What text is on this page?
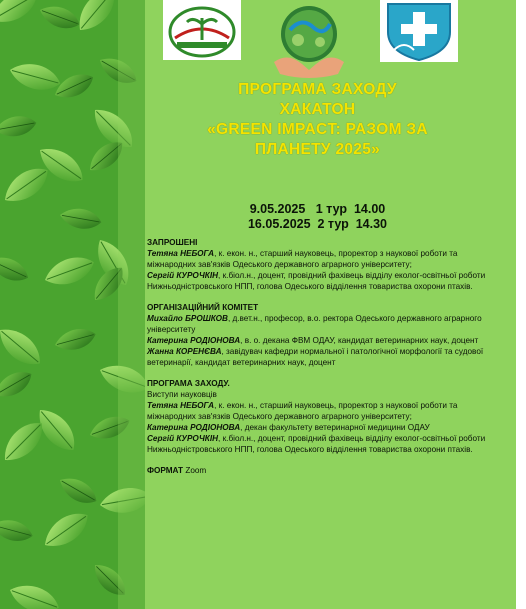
ПРОГРАМА ЗАХОДУ
ХАКАТОН
«GREEN IMPACT: РАЗОМ ЗА
ПЛАНЕТУ 2025»
9.05.2025   1 тур  14.00
16.05.2025  2 тур  14.30

ЗАПРОШЕНІ

Тетяна НЕБОГА, к. екон. н., старший науковець, проректор з наукової роботи та міжнародних зав'язків Одеського державного аграрного університету;

Сергій КУРОЧКІН, к.біол.н., доцент, провідний фахівець відділу еколог-освітньої роботи Нижньодністровського НПП, голова Одеського відділення товариства охорони птахів.

ОРГАНІЗАЦІЙНИЙ КОМІТЕТ

Михайло БРОШКОВ, д.вет.н., професор, в.о. ректора Одеського державного аграрного університету

Катерина РОДІОНОВА, в. о. декана ФВМ ОДАУ, кандидат ветеринарних наук, доцент

Жанна КОРЕНЄВА, завідувач кафедри нормальної і патологічної морфології та судової ветеринарії, кандидат ветеринарних наук, доцент

ПРОГРАМА ЗАХОДУ.

Виступи науковців

Тетяна НЕБОГА, к. екон. н., старший науковець, проректор з наукової роботи та міжнародних зав'язків Одеського державного аграрного університету;

Катерина РОДІОНОВА, декан факультету ветеринарної медицини ОДАУ

Сергій КУРОЧКІН, к.біол.н., доцент, провідний фахівець відділу еколог-освітньої роботи Нижньодністровського НПП, голова Одеського відділення товариства охорони птахів.

ФОРМАТ Zoom
